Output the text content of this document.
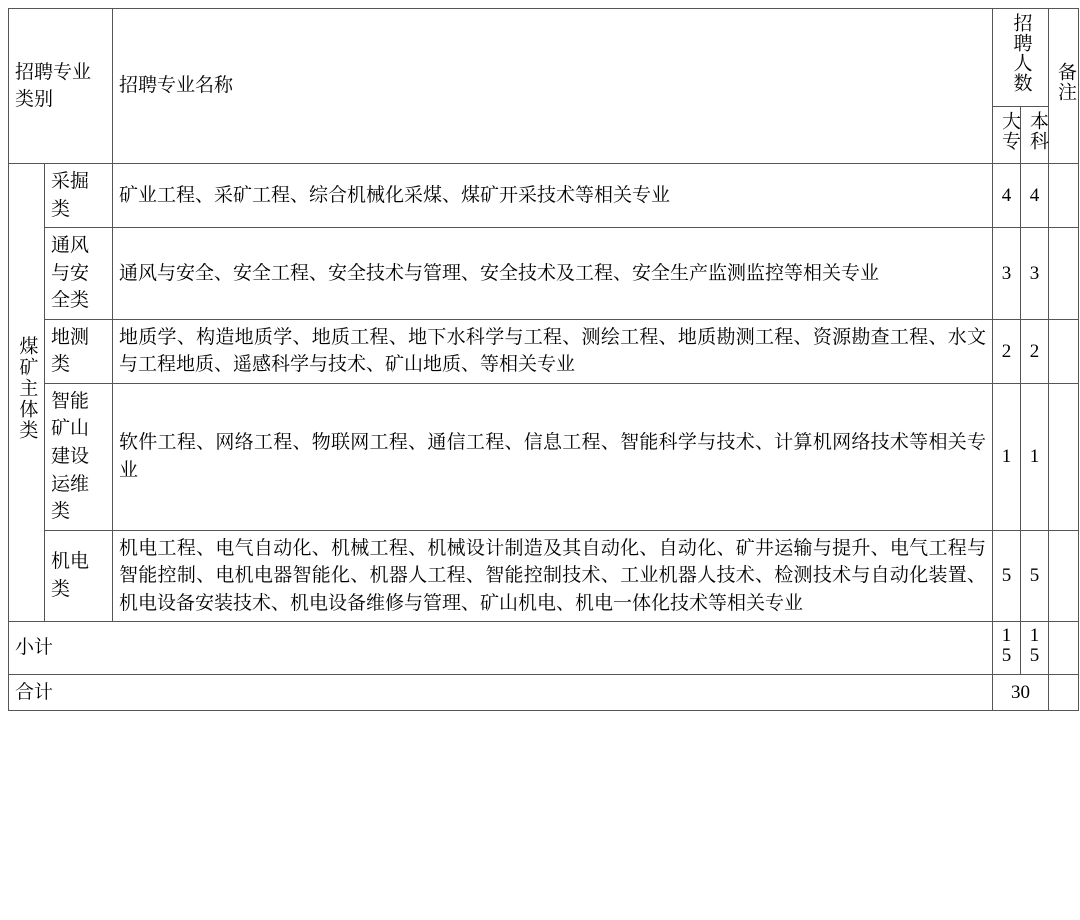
招聘专业类别		招聘专业名称	招聘人数		备注
			大专	本科	
煤矿主体类	采掘类	矿业工程、采矿工程、综合机械化采煤、煤矿开采技术等相关专业	4	4	
	通风与安全类	通风与安全、安全工程、安全技术与管理、安全技术及工程、安全生产监测监控等相关专业	3	3	
	地测类	地质学、构造地质学、地质工程、地下水科学与工程、测绘工程、地质勘测工程、资源勘查工程、水文与工程地质、遥感科学与技术、矿山地质、等相关专业	2	2	
	智能矿山建设运维类	软件工程、网络工程、物联网工程、通信工程、信息工程、智能科学与技术、计算机网络技术等相关专业	1	1	
	机电类	机电工程、电气自动化、机械工程、机械设计制造及其自动化、自动化、矿井运输与提升、电气工程与智能控制、电机电器智能化、机器人工程、智能控制技术、工业机器人技术、检测技术与自动化装置、机电设备安装技术、机电设备维修与管理、矿山机电、机电一体化技术等相关专业	5	5	
小计			15	15	
合计			30		
